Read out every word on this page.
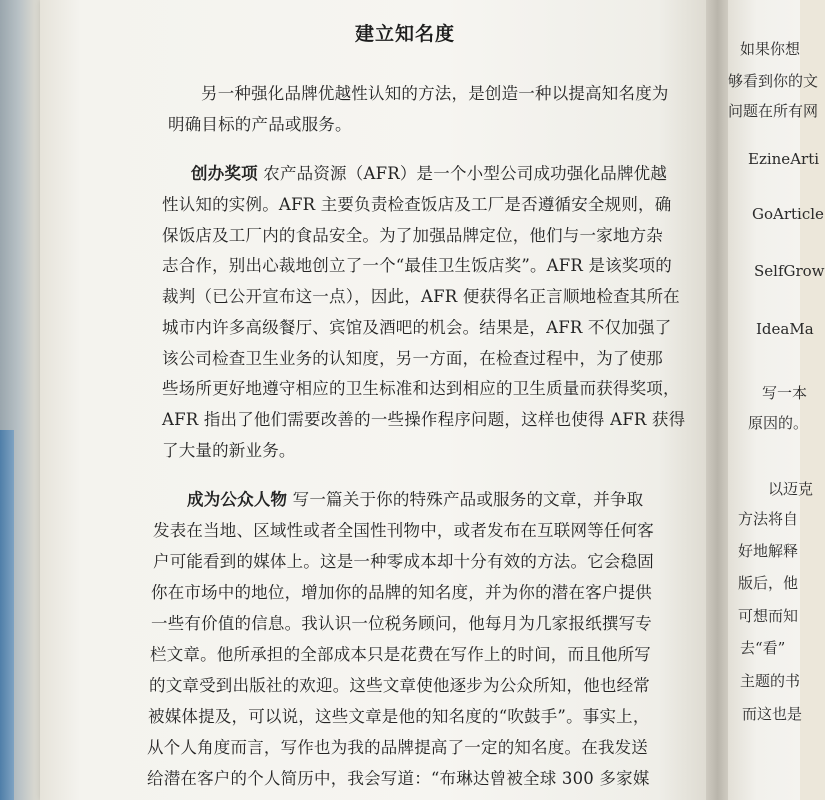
建立知名度
另一种强化品牌优越性认知的方法，是创造一种以提高知名度为
明确目标的产品或服务。
创办奖项 农产品资源（AFR）是一个小型公司成功强化品牌优越
性认知的实例。AFR 主要负责检查饭店及工厂是否遵循安全规则，确
保饭店及工厂内的食品安全。为了加强品牌定位，他们与一家地方杂
志合作，别出心裁地创立了一个“最佳卫生饭店奖”。AFR 是该奖项的
裁判（已公开宣布这一点），因此，AFR 便获得名正言顺地检查其所在
城市内许多高级餐厅、宾馆及酒吧的机会。结果是，AFR 不仅加强了
该公司检查卫生业务的认知度，另一方面，在检查过程中，为了使那
些场所更好地遵守相应的卫生标准和达到相应的卫生质量而获得奖项，
AFR 指出了他们需要改善的一些操作程序问题，这样也使得 AFR 获得
了大量的新业务。
成为公众人物 写一篇关于你的特殊产品或服务的文章，并争取
发表在当地、区域性或者全国性刊物中，或者发布在互联网等任何客
户可能看到的媒体上。这是一种零成本却十分有效的方法。它会稳固
你在市场中的地位，增加你的品牌的知名度，并为你的潜在客户提供
一些有价值的信息。我认识一位税务顾问，他每月为几家报纸撰写专
栏文章。他所承担的全部成本只是花费在写作上的时间，而且他所写
的文章受到出版社的欢迎。这些文章使他逐步为公众所知，他也经常
被媒体提及，可以说，这些文章是他的知名度的“吹鼓手”。事实上，
从个人角度而言，写作也为我的品牌提高了一定的知名度。在我发送
给潜在客户的个人简历中，我会写道：“布琳达曾被全球 300 多家媒
如果你想
够看到你的文
问题在所有网
EzineArti
GoArticle
SelfGrow
IdeaMa
写一本
原因的。
以迈克
方法将自
好地解释
版后，他
可想而知
去“看”
主题的书
而这也是
